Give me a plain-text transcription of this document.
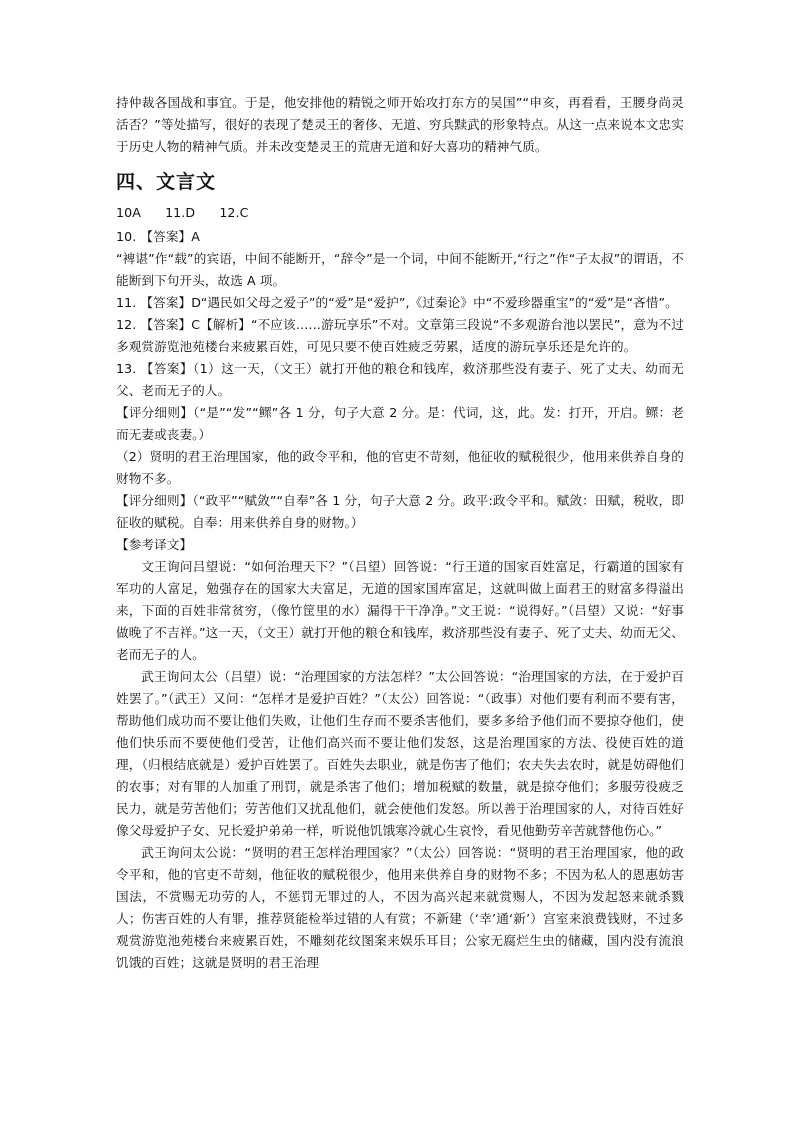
持仲裁各国战和事宜。于是，他安排他的精锐之师开始攻打东方的吴国”“申亥，再看看，王腰身尚灵活否？”等处描写，很好的表现了楚灵王的奢侈、无道、穷兵黩武的形象特点。从这一点来说本文忠实于历史人物的精神气质。并未改变楚灵王的荒唐无道和好大喜功的精神气质。

四、文言文
10A 11.D 12.C

10. 【答案】A

“裨谌”作“载”的宾语，中间不能断开，“辞令”是一个词，中间不能断开,“行之”作“子太叔”的谓语，不能断到下句开头，故选 A 项。

11. 【答案】D“遇民如父母之爱子”的“爱”是“爱护”,《过秦论》中“不爱珍器重宝”的“爱”是“吝惜”。

12. 【答案】C【解析】“不应该……游玩享乐”不对。文章第三段说“不多观游台池以罢民”，意为不过多观赏游览池苑楼台来疲累百姓，可见只要不使百姓疲乏劳累，适度的游玩享乐还是允许的。

13. 【答案】（1）这一天，（文王）就打开他的粮仓和钱库，救济那些没有妻子、死了丈夫、幼而无父、老而无子的人。

【评分细则】（“是”“发”“鳏”各 1 分，句子大意 2 分。是：代词，这，此。发：打开，开启。鳏：老而无妻或丧妻。）

（2）贤明的君王治理国家，他的政令平和，他的官吏不苛刻，他征收的赋税很少，他用来供养自身的财物不多。

【评分细则】（“政平”“赋敛”“自奉”各 1 分，句子大意 2 分。政平:政令平和。赋敛：田赋，税收，即征收的赋税。自奉：用来供养自身的财物。）

【参考译文】

文王询问吕望说：“如何治理天下？”（吕望）回答说：“行王道的国家百姓富足，行霸道的国家有军功的人富足，勉强存在的国家大夫富足，无道的国家国库富足，这就叫做上面君王的财富多得溢出来，下面的百姓非常贫穷，（像竹筐里的水）漏得干干净净。”文王说：“说得好。”（吕望）又说：“好事做晚了不吉祥。”这一天，（文王）就打开他的粮仓和钱库，救济那些没有妻子、死了丈夫、幼而无父、老而无子的人。

武王询问太公（吕望）说：“治理国家的方法怎样？”太公回答说：“治理国家的方法，在于爱护百姓罢了。”（武王）又问：“怎样才是爱护百姓？”（太公）回答说：“（政事）对他们要有利而不要有害，帮助他们成功而不要让他们失败，让他们生存而不要杀害他们，要多多给予他们而不要掠夺他们，使他们快乐而不要使他们受苦，让他们高兴而不要让他们发怒，这是治理国家的方法、役使百姓的道理，（归根结底就是）爱护百姓罢了。百姓失去职业，就是伤害了他们；农夫失去农时，就是妨碍他们的农事；对有罪的人加重了刑罚，就是杀害了他们；增加税赋的数量，就是掠夺他们；多服劳役疲乏民力，就是劳苦他们；劳苦他们又扰乱他们，就会使他们发怒。所以善于治理国家的人，对待百姓好像父母爱护子女、兄长爱护弟弟一样，听说他饥饿寒冷就心生哀怜，看见他勤劳辛苦就替他伤心。”

武王询问太公说：“贤明的君王怎样治理国家？”（太公）回答说：“贤明的君王治理国家，他的政令平和，他的官吏不苛刻，他征收的赋税很少，他用来供养自身的财物不多；不因为私人的恩惠妨害国法，不赏赐无功劳的人，不惩罚无罪过的人，不因为高兴起来就赏赐人，不因为发起怒来就杀戮人；伤害百姓的人有罪，推荐贤能检举过错的人有赏；不新建（‘幸’通‘新’）宫室来浪费钱财，不过多观赏游览池苑楼台来疲累百姓，不雕刻花纹图案来娱乐耳目；公家无腐烂生虫的储藏，国内没有流浪饥饿的百姓；这就是贤明的君王治理
